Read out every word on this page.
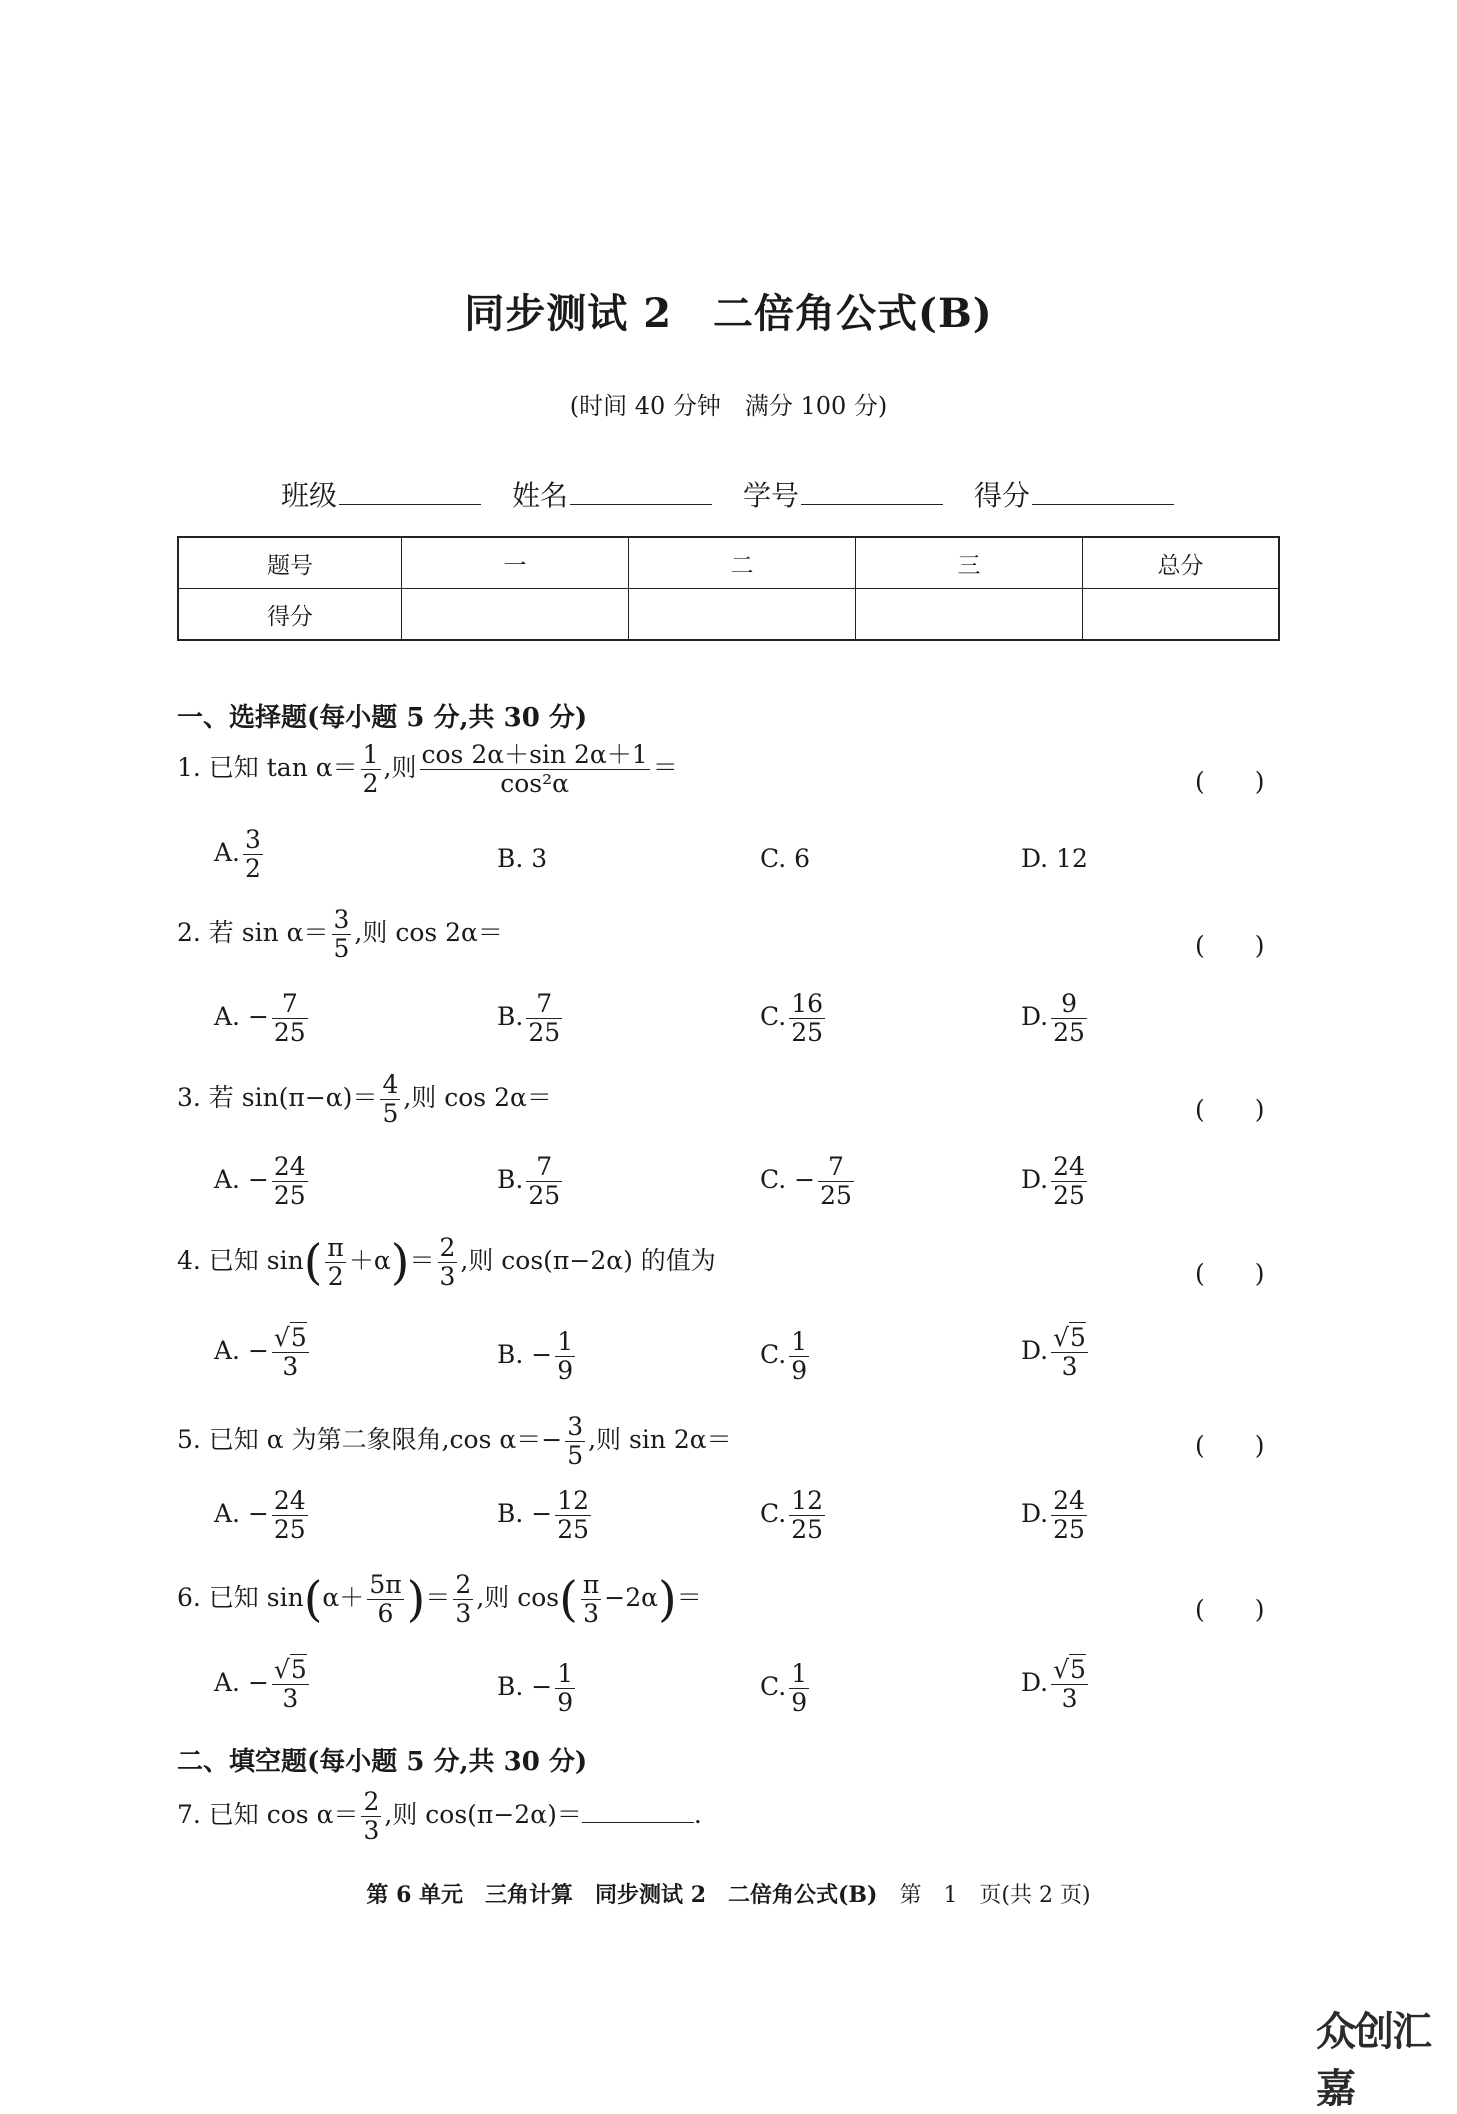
同步测试 2　二倍角公式(B)
(时间 40 分钟　满分 100 分)
班级	姓名	学号	得分
题号	一	二	三	总分
得分				
一、选择题(每小题 5 分,共 30 分)
1. 已知 $\tan \alpha= \frac{1}{2}$ ,则 $\frac{\cos 2\alpha+\sin 2\alpha+1}{\text{cos²α}}$ ＝	(　　)
A. $\frac{3}{2}$	B. 3	C. 6	D. 12
2. 若 $\sin \alpha= \frac{3}{5}$ ,则 cos 2α＝	(　　)
A. − $\frac{7}{25}$	B. $\frac{7}{25}$	C. $\frac{16}{25}$	D. $\frac{9}{25}$
3. 若 $\sin(\pi-\alpha)= \frac{4}{5}$ ,则 cos 2α＝	(　　)
A. − $\frac{24}{25}$	B. $\frac{7}{25}$	C. − $\frac{7}{25}$	D. $\frac{24}{25}$
4. 已知 $\sin( \frac{\pi}{2} +\alpha)= \frac{2}{3}$ ,则 cos(π−2α) 的值为	(　　)
A. − $\frac{√5}{3}$	B. − $\frac{1}{9}$	C. $\frac{1}{9}$	D. $\frac{√5}{3}$
5. 已知 α 为第二象限角,cos $\alpha=- \frac{3}{5}$ ,则 sin 2α＝	(　　)
A. − $\frac{24}{25}$	B. − $\frac{12}{25}$	C. $\frac{12}{25}$	D. $\frac{24}{25}$
6. 已知 $\sin(\alpha+ \frac{5\pi}{6}$ )＝ $\frac{2}{3}$ ,则 $\cos( \frac{\pi}{3} -2\alpha)=$	(　　)
A. − $\frac{√5}{3}$	B. − $\frac{1}{9}$	C. $\frac{1}{9}$	D. $\frac{√5}{3}$
二、填空题(每小题 5 分,共 30 分)
7. 已知 $\cos \alpha= \frac{2}{3}$ ,则 cos(π−2α)＝	.
第 6 单元　三角计算　同步测试 2　二倍角公式(B)　 第　1　页(共 2 页)
众创汇嘉
